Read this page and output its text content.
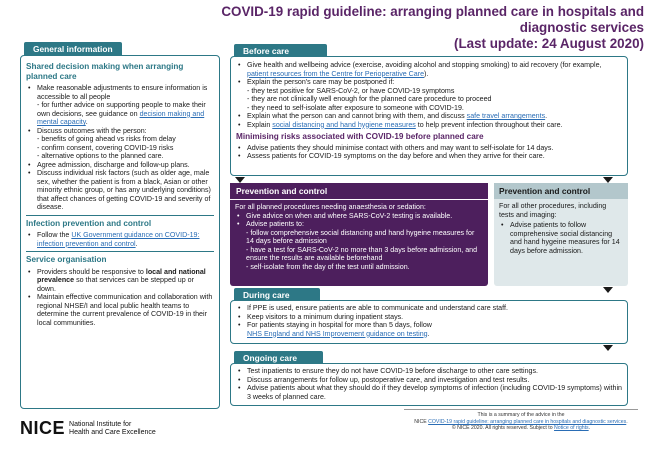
COVID-19 rapid guideline: arranging planned care in hospitals and diagnostic services
(Last update: 24 August 2020)
General information
Shared decision making when arranging planned care
• Make reasonable adjustments to ensure information is accessible to all people
- for further advice on supporting people to make their own decisions, see guidance on decision making and mental capacity.
• Discuss outcomes with the person:
- benefits of going ahead vs risks from delay
- confirm consent, covering COVID-19 risks
- alternative options to the planned care.
• Agree admission, discharge and follow-up plans.
• Discuss individual risk factors (such as older age, male sex, whether the patient is from a black, Asian or other minority ethnic group, or has any underlying conditions) that affect chances of getting COVID-19 and severity of disease.
Infection prevention and control
• Follow the UK Government guidance on COVID-19: infection prevention and control.
Service organisation
• Providers should be responsive to local and national prevalence so that services can be stepped up or down.
• Maintain effective communication and collaboration with regional NHSE/I and local public health teams to determine the current prevalence of COVID-19 in their local communities.
Before care
• Give health and wellbeing advice (exercise, avoiding alcohol and stopping smoking) to aid recovery (for example, patient resources from the Centre for Perioperative Care).
• Explain the person's care may be postponed if:
- they test positive for SARS-CoV-2, or have COVID-19 symptoms
- they are not clinically well enough for the planned care procedure to proceed
- they need to self-isolate after exposure to someone with COVID-19.
• Explain what the person can and cannot bring with them, and discuss safe travel arrangements.
• Explain social distancing and hand hygiene measures to help prevent infection throughout their care.
Minimising risks associated with COVID-19 before planned care
• Advise patients they should minimise contact with others and may want to self-isolate for 14 days.
• Assess patients for COVID-19 symptoms on the day before and when they arrive for their care.
Prevention and control

For all planned procedures needing anaesthesia or sedation:

• Give advice on when and where SARS-CoV-2 testing is available.
• Advise patients to:
- follow comprehensive social distancing and hand hygeine measures for 14 days before admission
- have a test for SARS-CoV-2 no more than 3 days before admission, and ensure the results are available beforehand
- self-isolate from the day of the test until admission.
Prevention and control

For all other procedures, including tests and imaging:

• Advise patients to follow comprehensive social distancing and hand hygeine measures for 14 days before admission.
During care
• If PPE is used, ensure patients are able to communicate and understand care staff.
• Keep visitors to a minimum during inpatient stays.
• For patients staying in hospital for more than 5 days, follow
NHS England and NHS Improvement guidance on testing.
Ongoing care
• Test inpatients to ensure they do not have COVID-19 before discharge to other care settings.
• Discuss arrangements for follow up, postoperative care, and investigation and test results.
• Advise patients about what they should do if they develop symptoms of infection (including COVID-19 symptoms) within 3 weeks of planned care.
NICE National Institute for
Health and Care Excellence
This is a summary of the advice in the
NICE COVID-19 rapid guideline: arranging planned care in hospitals and diagnostic services.
© NICE 2020. All rights reserved. Subject to Notice of rights.
